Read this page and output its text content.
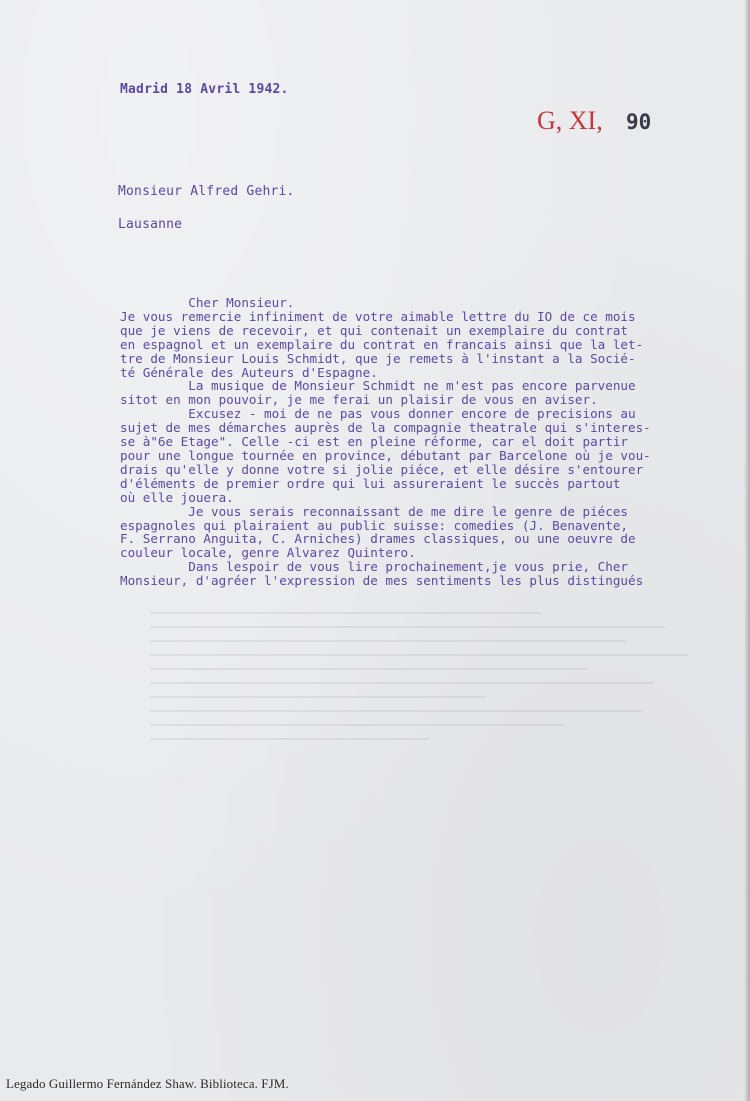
Madrid 18 Avril 1942.
G, XI, 90
Monsieur Alfred Gehri.
Lausanne
Cher Monsieur.
Je vous remercie infiniment de votre aimable lettre du IO de ce mois
que je viens de recevoir, et qui contenait un exemplaire du contrat
en espagnol et un exemplaire du contrat en francais ainsi que la let-
tre de Monsieur Louis Schmidt, que je remets à l'instant a la Socié-
té Générale des Auteurs d'Espagne.
La musique de Monsieur Schmidt ne m'est pas encore parvenue
sitot en mon pouvoir, je me ferai un plaisir de vous en aviser.
Excusez - moi de ne pas vous donner encore de precisions au
sujet de mes démarches auprès de la compagnie theatrale qui s'interes-
se à"6e Etage". Celle -ci est en pleine réforme, car el doit partir
pour une longue tournée en province, débutant par Barcelone où je vou-
drais qu'elle y donne votre si jolie piéce, et elle désire s'entourer
d'éléments de premier ordre qui lui assureraient le succès partout
où elle jouera.
Je vous serais reconnaissant de me dire le genre de piéces
espagnoles qui plairaient au public suisse: comedies (J. Benavente,
F. Serrano Anguita, C. Arniches) drames classiques, ou une oeuvre de
couleur locale, genre Alvarez Quintero.
Dans lespoir de vous lire prochainement,je vous prie, Cher
Monsieur, d'agréer l'expression de mes sentiments les plus distingués
Legado Guillermo Fernández Shaw. Biblioteca. FJM.
